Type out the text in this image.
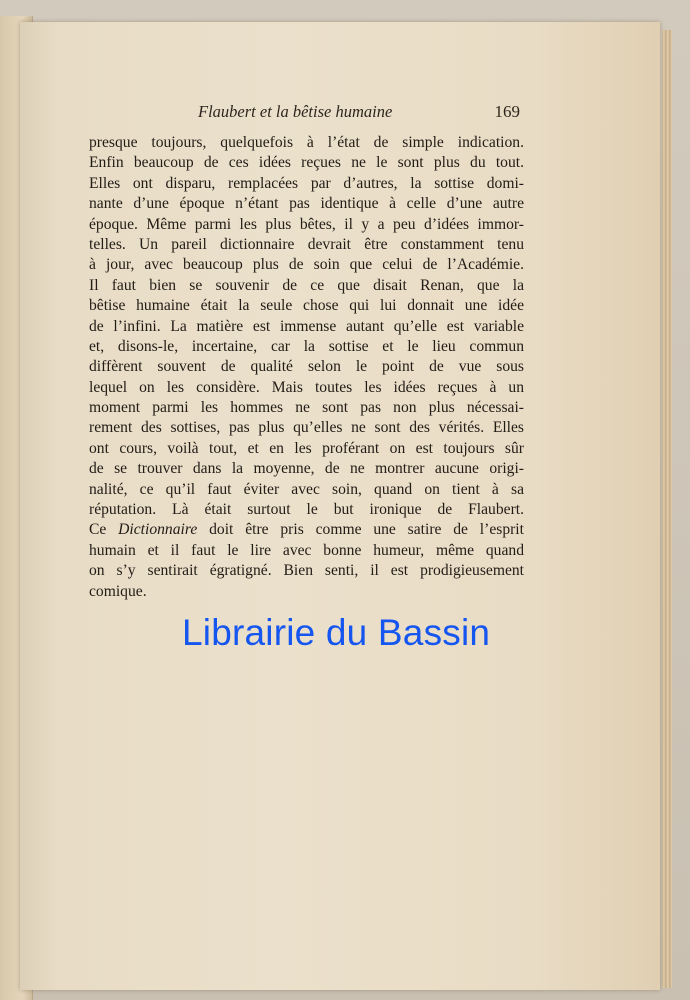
Flaubert et la bêtise humaine	169
presque toujours, quelquefois à l’état de simple indication.
Enfin beaucoup de ces idées reçues ne le sont plus du tout.
Elles ont disparu, remplacées par d’autres, la sottise domi-
nante d’une époque n’étant pas identique à celle d’une autre
époque. Même parmi les plus bêtes, il y a peu d’idées immor-
telles. Un pareil dictionnaire devrait être constamment tenu
à jour, avec beaucoup plus de soin que celui de l’Académie.
Il faut bien se souvenir de ce que disait Renan, que la
bêtise humaine était la seule chose qui lui donnait une idée
de l’infini. La matière est immense autant qu’elle est variable
et, disons-le, incertaine, car la sottise et le lieu commun
diffèrent souvent de qualité selon le point de vue sous
lequel on les considère. Mais toutes les idées reçues à un
moment parmi les hommes ne sont pas non plus nécessai-
rement des sottises, pas plus qu’elles ne sont des vérités. Elles
ont cours, voilà tout, et en les proférant on est toujours sûr
de se trouver dans la moyenne, de ne montrer aucune origi-
nalité, ce qu’il faut éviter avec soin, quand on tient à sa
réputation. Là était surtout le but ironique de Flaubert.
Ce Dictionnaire doit être pris comme une satire de l’esprit
humain et il faut le lire avec bonne humeur, même quand
on s’y sentirait égratigné. Bien senti, il est prodigieusement
comique.
Librairie du Bassin
